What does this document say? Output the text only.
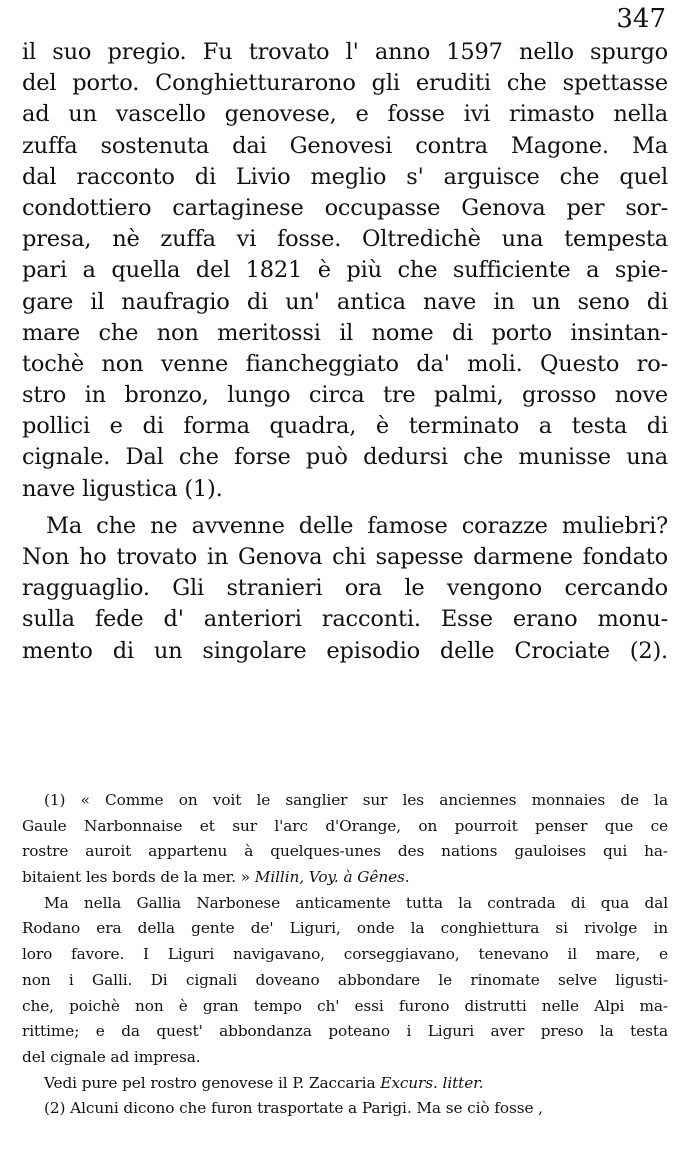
347
il suo pregio. Fu trovato l' anno 1597 nello spurgo
del porto. Conghietturarono gli eruditi che spettasse
ad un vascello genovese, e fosse ivi rimasto nella
zuffa sostenuta dai Genovesi contra Magone. Ma
dal racconto di Livio meglio s' arguisce che quel
condottiero cartaginese occupasse Genova per sor-
presa, nè zuffa vi fosse. Oltredichè una tempesta
pari a quella del 1821 è più che sufficiente a spie-
gare il naufragio di un' antica nave in un seno di
mare che non meritossi il nome di porto insintan-
tochè non venne fiancheggiato da' moli. Questo ro-
stro in bronzo, lungo circa tre palmi, grosso nove
pollici e di forma quadra, è terminato a testa di
cignale. Dal che forse può dedursi che munisse una
nave ligustica (1).
Ma che ne avvenne delle famose corazze muliebri?
Non ho trovato in Genova chi sapesse darmene fondato
ragguaglio. Gli stranieri ora le vengono cercando
sulla fede d' anteriori racconti. Esse erano monu-
mento di un singolare episodio delle Crociate (2).
(1) « Comme on voit le sanglier sur les anciennes monnaies de la
Gaule Narbonnaise et sur l'arc d'Orange, on pourroit penser que ce
rostre auroit appartenu à quelques-unes des nations gauloises qui ha-
bitaient les bords de la mer. » Millin, Voy. à Gênes.
Ma nella Gallia Narbonese anticamente tutta la contrada di qua dal
Rodano era della gente de' Liguri, onde la conghiettura si rivolge in
loro favore. I Liguri navigavano, corseggiavano, tenevano il mare, e
non i Galli. Di cignali doveano abbondare le rinomate selve ligusti-
che, poichè non è gran tempo ch' essi furono distrutti nelle Alpi ma-
rittime; e da quest' abbondanza poteano i Liguri aver preso la testa
del cignale ad impresa.
Vedi pure pel rostro genovese il P. Zaccaria Excurs. litter.
(2) Alcuni dicono che furon trasportate a Parigi. Ma se ciò fosse ,
